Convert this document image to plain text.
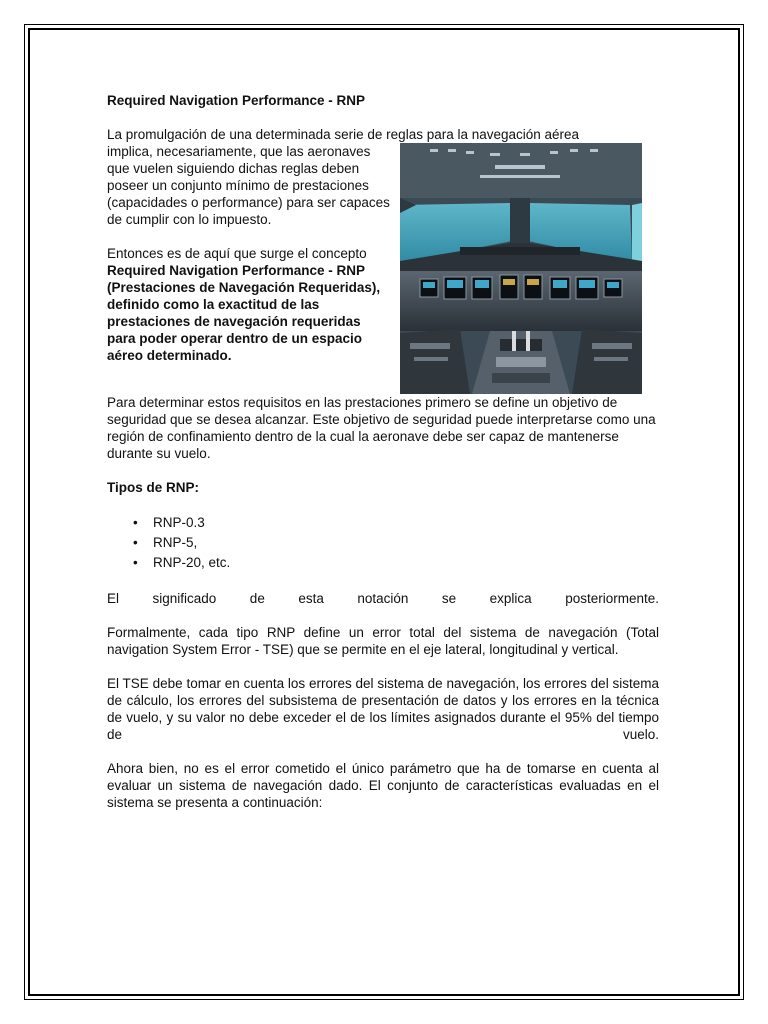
Required Navigation Performance - RNP

La promulgación de una determinada serie de reglas para la navegación aérea

implica, necesariamente, que las aeronaves que vuelen siguiendo dichas reglas deben poseer un conjunto mínimo de prestaciones (capacidades o performance) para ser capaces de cumplir con lo impuesto.

Entonces es de aquí que surge el concepto Required Navigation Performance - RNP (Prestaciones de Navegación Requeridas), definido como la exactitud de las prestaciones de navegación requeridas para poder operar dentro de un espacio aéreo determinado.

Para determinar estos requisitos en las prestaciones primero se define un objetivo de seguridad que se desea alcanzar. Este objetivo de seguridad puede interpretarse como una región de confinamiento dentro de la cual la aeronave debe ser capaz de mantenerse durante su vuelo.

Tipos de RNP:
• RNP-0.3
• RNP-5,
• RNP-20, etc.

El significado de esta notación se explica posteriormente.

Formalmente, cada tipo RNP define un error total del sistema de navegación (Total navigation System Error - TSE) que se permite en el eje lateral, longitudinal y vertical.

El TSE debe tomar en cuenta los errores del sistema de navegación, los errores del sistema de cálculo, los errores del subsistema de presentación de datos y los errores en la técnica de vuelo, y su valor no debe exceder el de los límites asignados durante el 95% del tiempo de vuelo.

Ahora bien, no es el error cometido el único parámetro que ha de tomarse en cuenta al evaluar un sistema de navegación dado. El conjunto de características evaluadas en el sistema se presenta a continuación:
